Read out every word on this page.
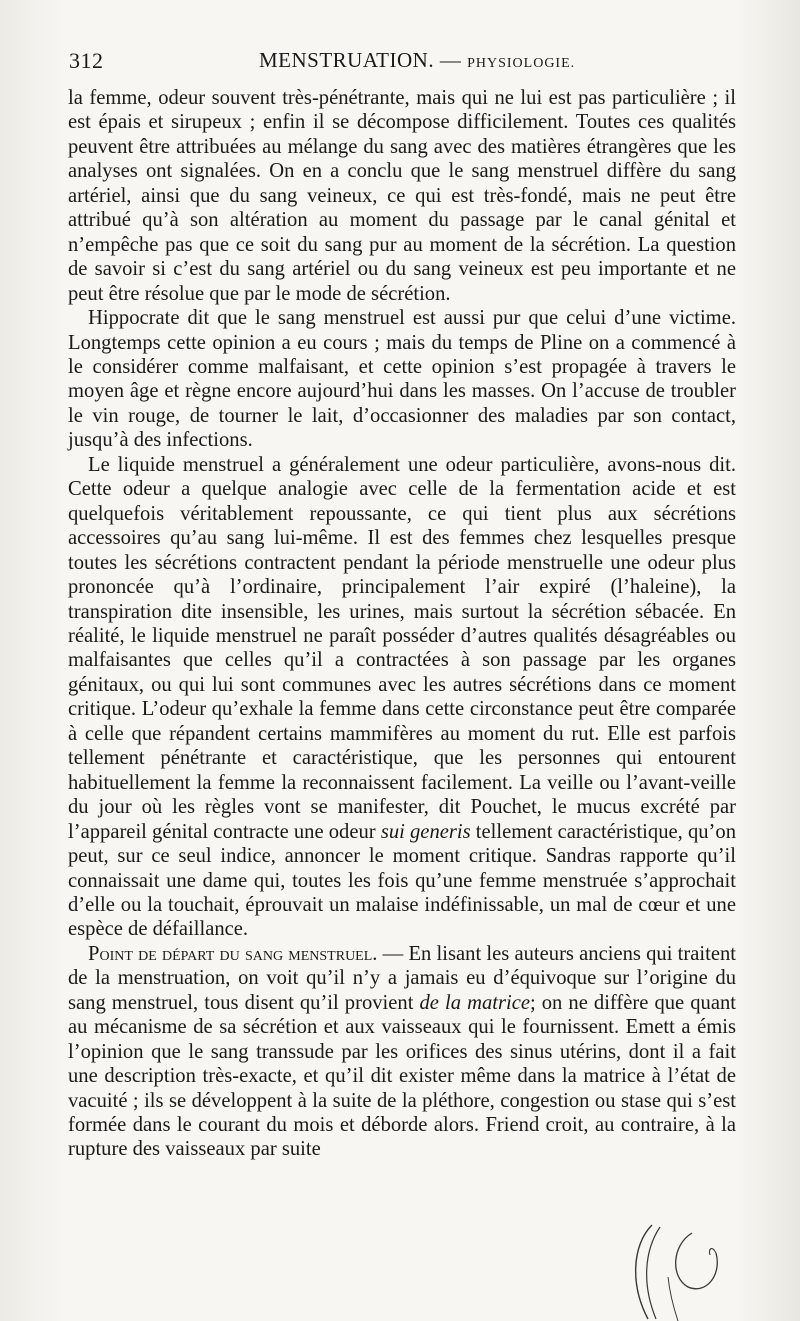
312	MENSTRUATION. — PHYSIOLOGIE.

la femme, odeur souvent très-pénétrante, mais qui ne lui est pas particulière ; il est épais et sirupeux ; enfin il se décompose difficilement. Toutes ces qualités peuvent être attribuées au mélange du sang avec des matières étrangères que les analyses ont signalées. On en a conclu que le sang menstruel diffère du sang artériel, ainsi que du sang veineux, ce qui est très-fondé, mais ne peut être attribué qu’à son altération au moment du passage par le canal génital et n’empêche pas que ce soit du sang pur au moment de la sécrétion. La question de savoir si c’est du sang artériel ou du sang veineux est peu importante et ne peut être résolue que par le mode de sécrétion.

Hippocrate dit que le sang menstruel est aussi pur que celui d’une victime. Longtemps cette opinion a eu cours ; mais du temps de Pline on a commencé à le considérer comme malfaisant, et cette opinion s’est propagée à travers le moyen âge et règne encore aujourd’hui dans les masses. On l’accuse de troubler le vin rouge, de tourner le lait, d’occasionner des maladies par son contact, jusqu’à des infections.

Le liquide menstruel a généralement une odeur particulière, avons-nous dit. Cette odeur a quelque analogie avec celle de la fermentation acide et est quelquefois véritablement repoussante, ce qui tient plus aux sécrétions accessoires qu’au sang lui-même. Il est des femmes chez lesquelles presque toutes les sécrétions contractent pendant la période menstruelle une odeur plus prononcée qu’à l’ordinaire, principalement l’air expiré (l’haleine), la transpiration dite insensible, les urines, mais surtout la sécrétion sébacée. En réalité, le liquide menstruel ne paraît posséder d’autres qualités désagréables ou malfaisantes que celles qu’il a contractées à son passage par les organes génitaux, ou qui lui sont communes avec les autres sécrétions dans ce moment critique. L’odeur qu’exhale la femme dans cette circonstance peut être comparée à celle que répandent certains mammifères au moment du rut. Elle est parfois tellement pénétrante et caractéristique, que les personnes qui entourent habituellement la femme la reconnaissent facilement. La veille ou l’avant-veille du jour où les règles vont se manifester, dit Pouchet, le mucus excrété par l’appareil génital contracte une odeur sui generis tellement caractéristique, qu’on peut, sur ce seul indice, annoncer le moment critique. Sandras rapporte qu’il connaissait une dame qui, toutes les fois qu’une femme menstruée s’approchait d’elle ou la touchait, éprouvait un malaise indéfinissable, un mal de cœur et une espèce de défaillance.

Point de départ du sang menstruel. — En lisant les auteurs anciens qui traitent de la menstruation, on voit qu’il n’y a jamais eu d’équivoque sur l’origine du sang menstruel, tous disent qu’il provient de la matrice; on ne diffère que quant au mécanisme de sa sécrétion et aux vaisseaux qui le fournissent. Emett a émis l’opinion que le sang transsude par les orifices des sinus utérins, dont il a fait une description très-exacte, et qu’il dit exister même dans la matrice à l’état de vacuité ; ils se développent à la suite de la pléthore, congestion ou stase qui s’est formée dans le courant du mois et déborde alors. Friend croit, au contraire, à la rupture des vaisseaux par suite
